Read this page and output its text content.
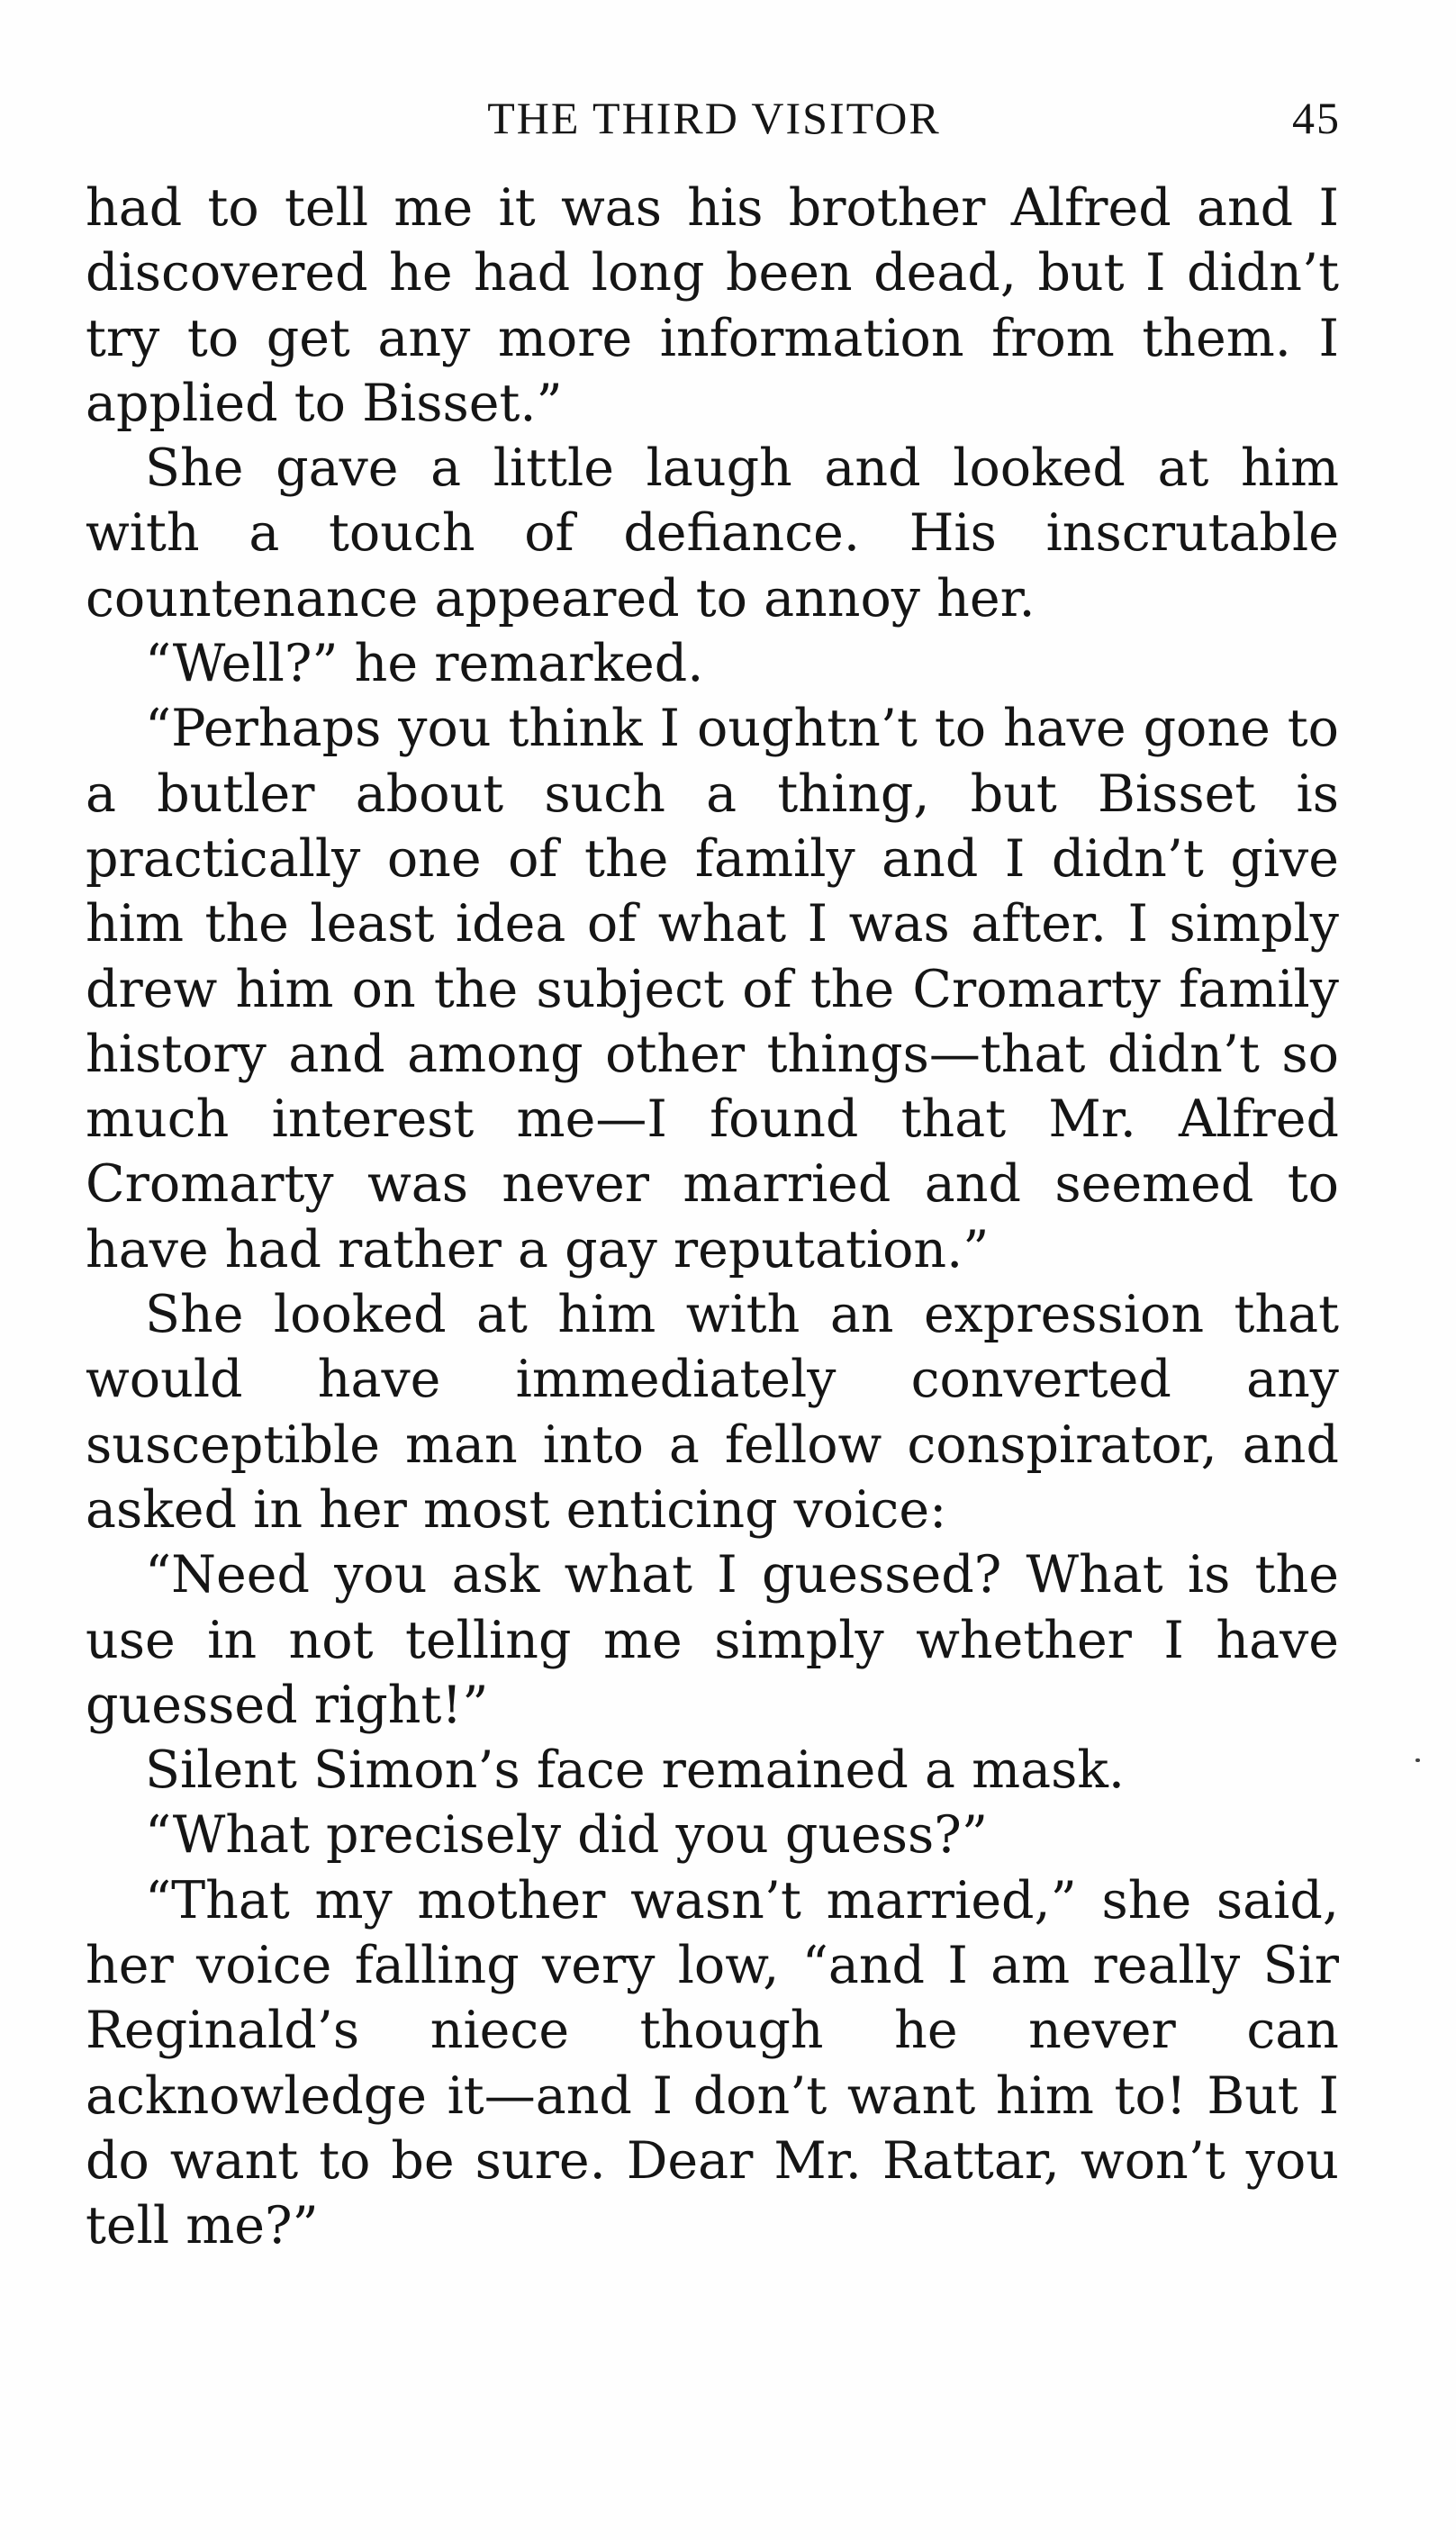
THE THIRD VISITOR	45

had to tell me it was his brother Alfred and I discovered he had long been dead, but I didn’t try to get any more information from them. I applied to Bisset.”

She gave a little laugh and looked at him with a touch of defiance. His inscrutable countenance appeared to annoy her.

“Well?” he remarked.

“Perhaps you think I oughtn’t to have gone to a butler about such a thing, but Bisset is practically one of the family and I didn’t give him the least idea of what I was after. I simply drew him on the subject of the Cromarty family history and among other things—that didn’t so much interest me—I found that Mr. Alfred Cromarty was never married and seemed to have had rather a gay reputation.”

She looked at him with an expression that would have immediately converted any susceptible man into a fellow conspirator, and asked in her most enticing voice:

“Need you ask what I guessed? What is the use in not telling me simply whether I have guessed right!”

Silent Simon’s face remained a mask.

“What precisely did you guess?”

“That my mother wasn’t married,” she said, her voice falling very low, “and I am really Sir Reginald’s niece though he never can acknowledge it—and I don’t want him to! But I do want to be sure. Dear Mr. Rattar, won’t you tell me?”
